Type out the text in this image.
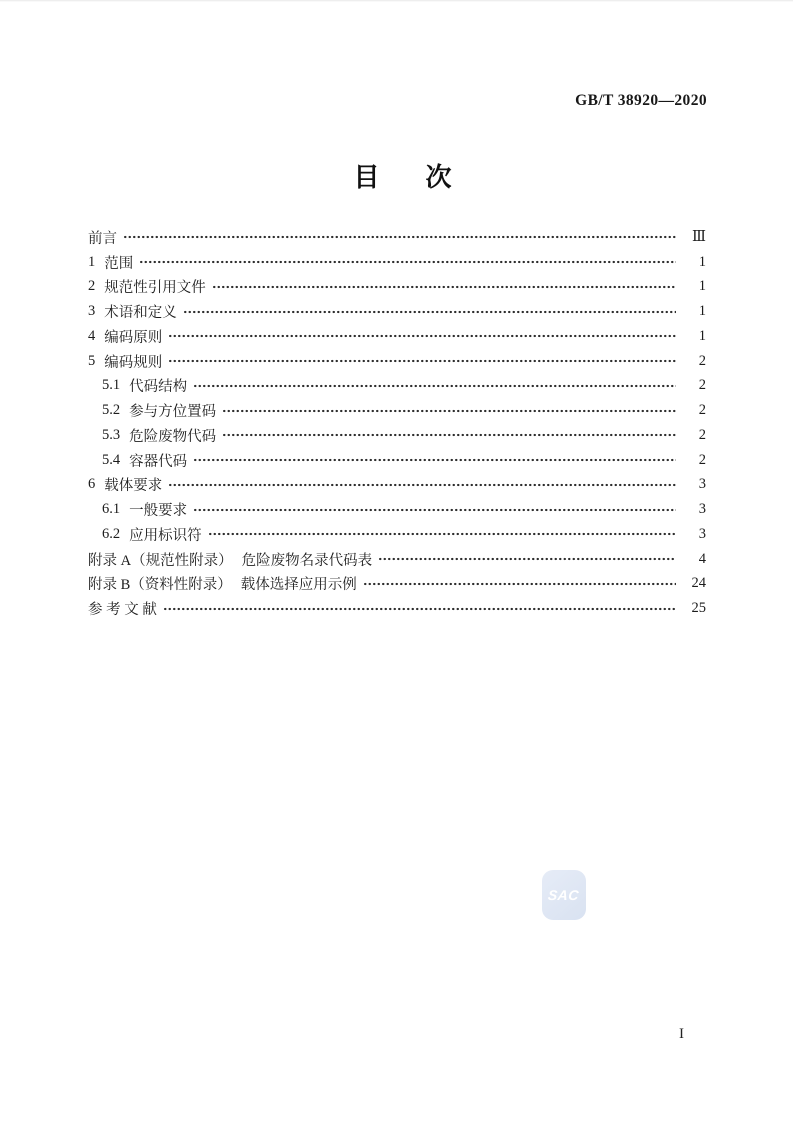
GB/T 38920—2020
目 次
前言	Ⅲ
1 范围	1
2 规范性引用文件	1
3 术语和定义	1
4 编码原则	1
5 编码规则	2
5.1 代码结构	2
5.2 参与方位置码	2
5.3 危险废物代码	2
5.4 容器代码	2
6 载体要求	3
6.1 一般要求	3
6.2 应用标识符	3
附录 A（规范性附录） 危险废物名录代码表	4
附录 B（资料性附录） 载体选择应用示例	24
参 考 文 献	25
SAC
I
